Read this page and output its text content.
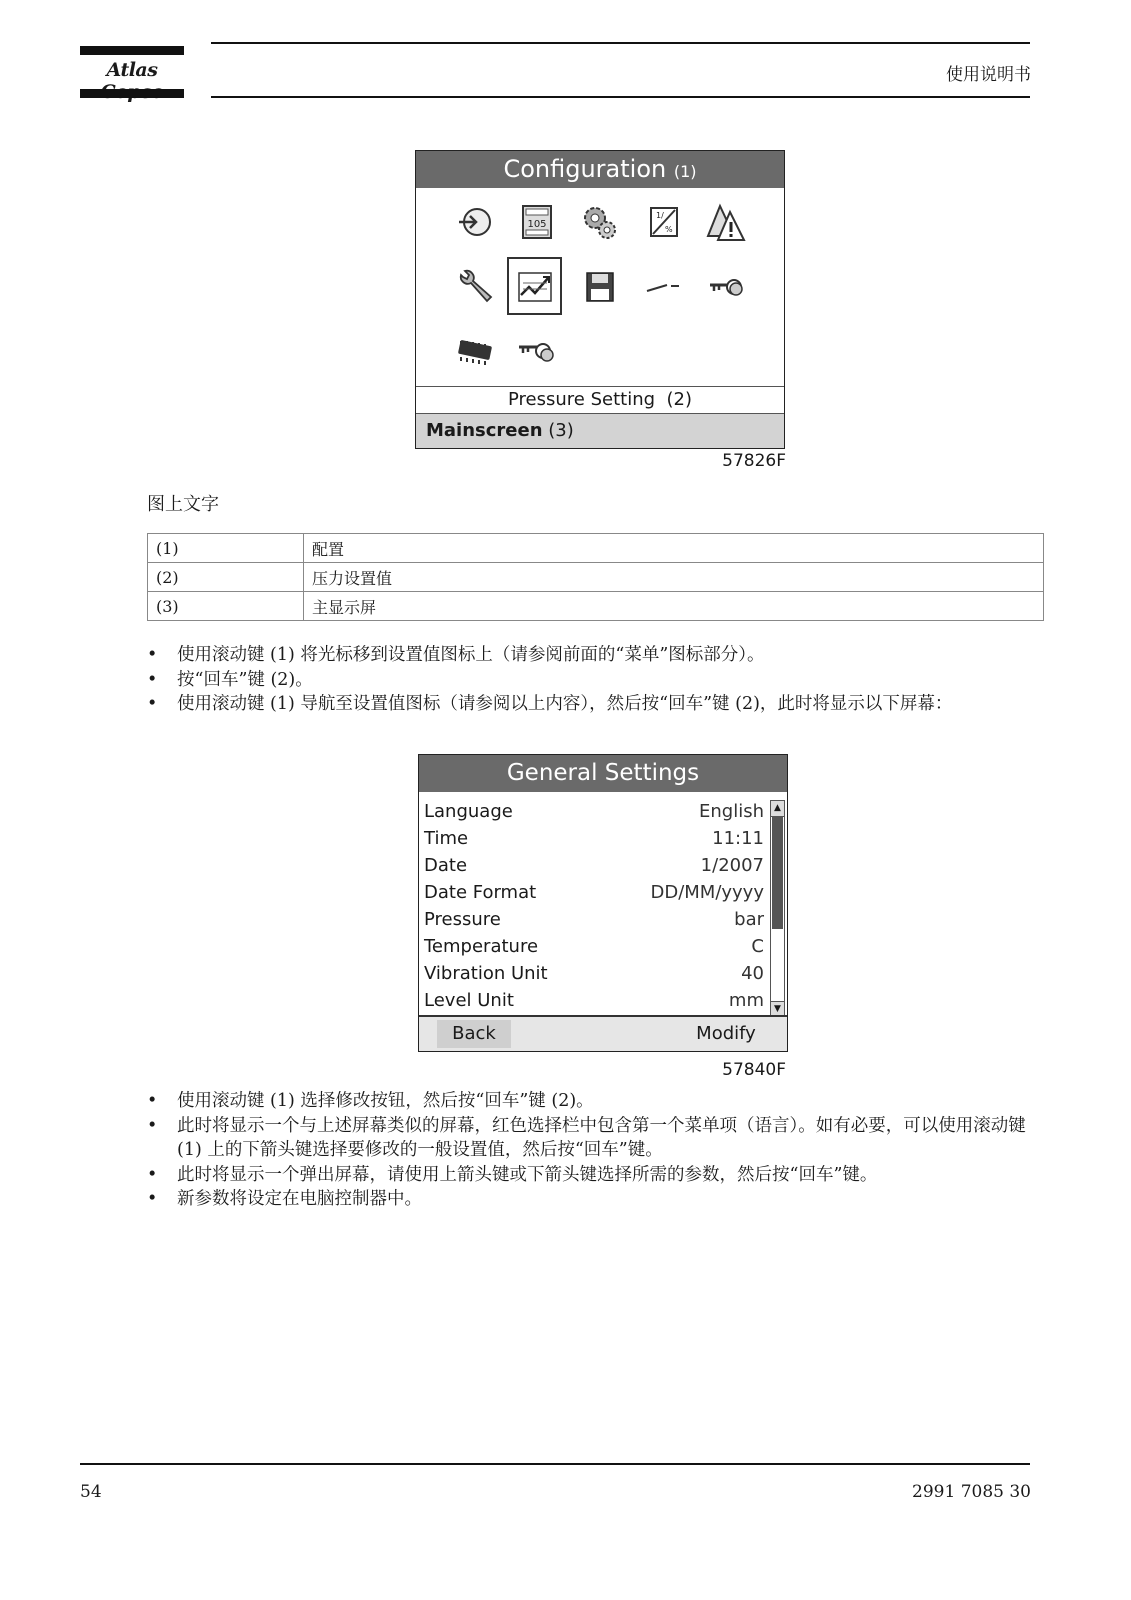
Atlas	使用说明书
Configuration (1)
105
1/
%
Pressure Setting (2)
Mainscreen (3)
57826F
图上文字
(1)	配置
(2)	压力设置值
(3)	主显示屏
• 使用滚动键 (1) 将光标移到设置值图标上（请参阅前面的“菜单”图标部分）。
• 按“回车”键 (2)。
• 使用滚动键 (1) 导航至设置值图标（请参阅以上内容），然后按“回车”键 (2)，此时将显示以下屏幕：
General Settings
Language	English
Time	11:11
Date	1/2007
Date Format	DD/MM/yyyy
Pressure	bar
Temperature	C
Vibration Unit	40
Level Unit	mm
▲
▼
Back	Modify
57840F
• 使用滚动键 (1) 选择修改按钮，然后按“回车”键 (2)。
• 此时将显示一个与上述屏幕类似的屏幕，红色选择栏中包含第一个菜单项（语言）。如有必要，可以使用滚动键 (1) 上的下箭头键选择要修改的一般设置值，然后按“回车”键。
• 此时将显示一个弹出屏幕，请使用上箭头键或下箭头键选择所需的参数，然后按“回车”键。
• 新参数将设定在电脑控制器中。
54	2991 7085 30
